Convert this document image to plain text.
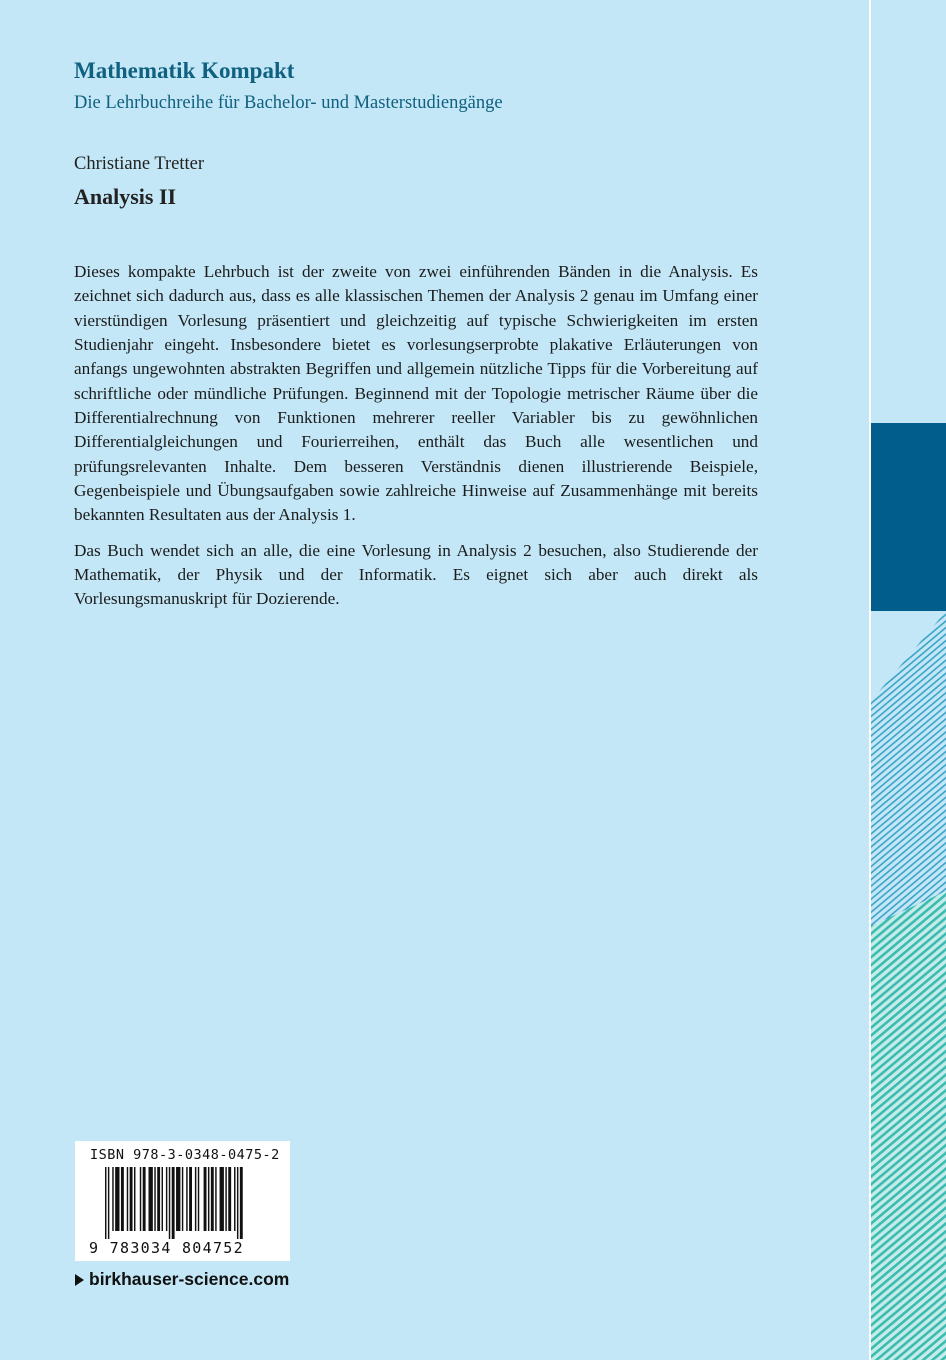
Mathematik Kompakt
Die Lehrbuchreihe für Bachelor- und Masterstudiengänge
Christiane Tretter
Analysis II

Dieses kompakte Lehrbuch ist der zweite von zwei einführenden Bänden in die Analysis. Es zeichnet sich dadurch aus, dass es alle klassischen Themen der Analysis 2 genau im Umfang einer vierstündigen Vorlesung präsentiert und gleichzeitig auf typische Schwierigkeiten im ersten Studienjahr eingeht. Insbesondere bietet es vorlesungserprobte plakative Erläuterungen von anfangs ungewohnten abstrakten Begriffen und allgemein nützliche Tipps für die Vorbereitung auf schriftliche oder mündliche Prüfungen. Beginnend mit der Topologie metrischer Räume über die Differentialrechnung von Funktionen mehrerer reeller Variabler bis zu gewöhnlichen Differentialgleichungen und Fourierreihen, enthält das Buch alle wesentlichen und prüfungsrelevanten Inhalte. Dem besseren Verständnis dienen illustrierende Beispiele, Gegenbeispiele und Übungsaufgaben sowie zahlreiche Hinweise auf Zusammenhänge mit bereits bekannten Resultaten aus der Analysis 1.

Das Buch wendet sich an alle, die eine Vorlesung in Analysis 2 besuchen, also Studierende der Mathematik, der Physik und der Informatik. Es eignet sich aber auch direkt als Vorlesungsmanuskript für Dozierende.

ISBN 978-3-0348-0475-2
9 783034 804752
birkhauser-science.com
